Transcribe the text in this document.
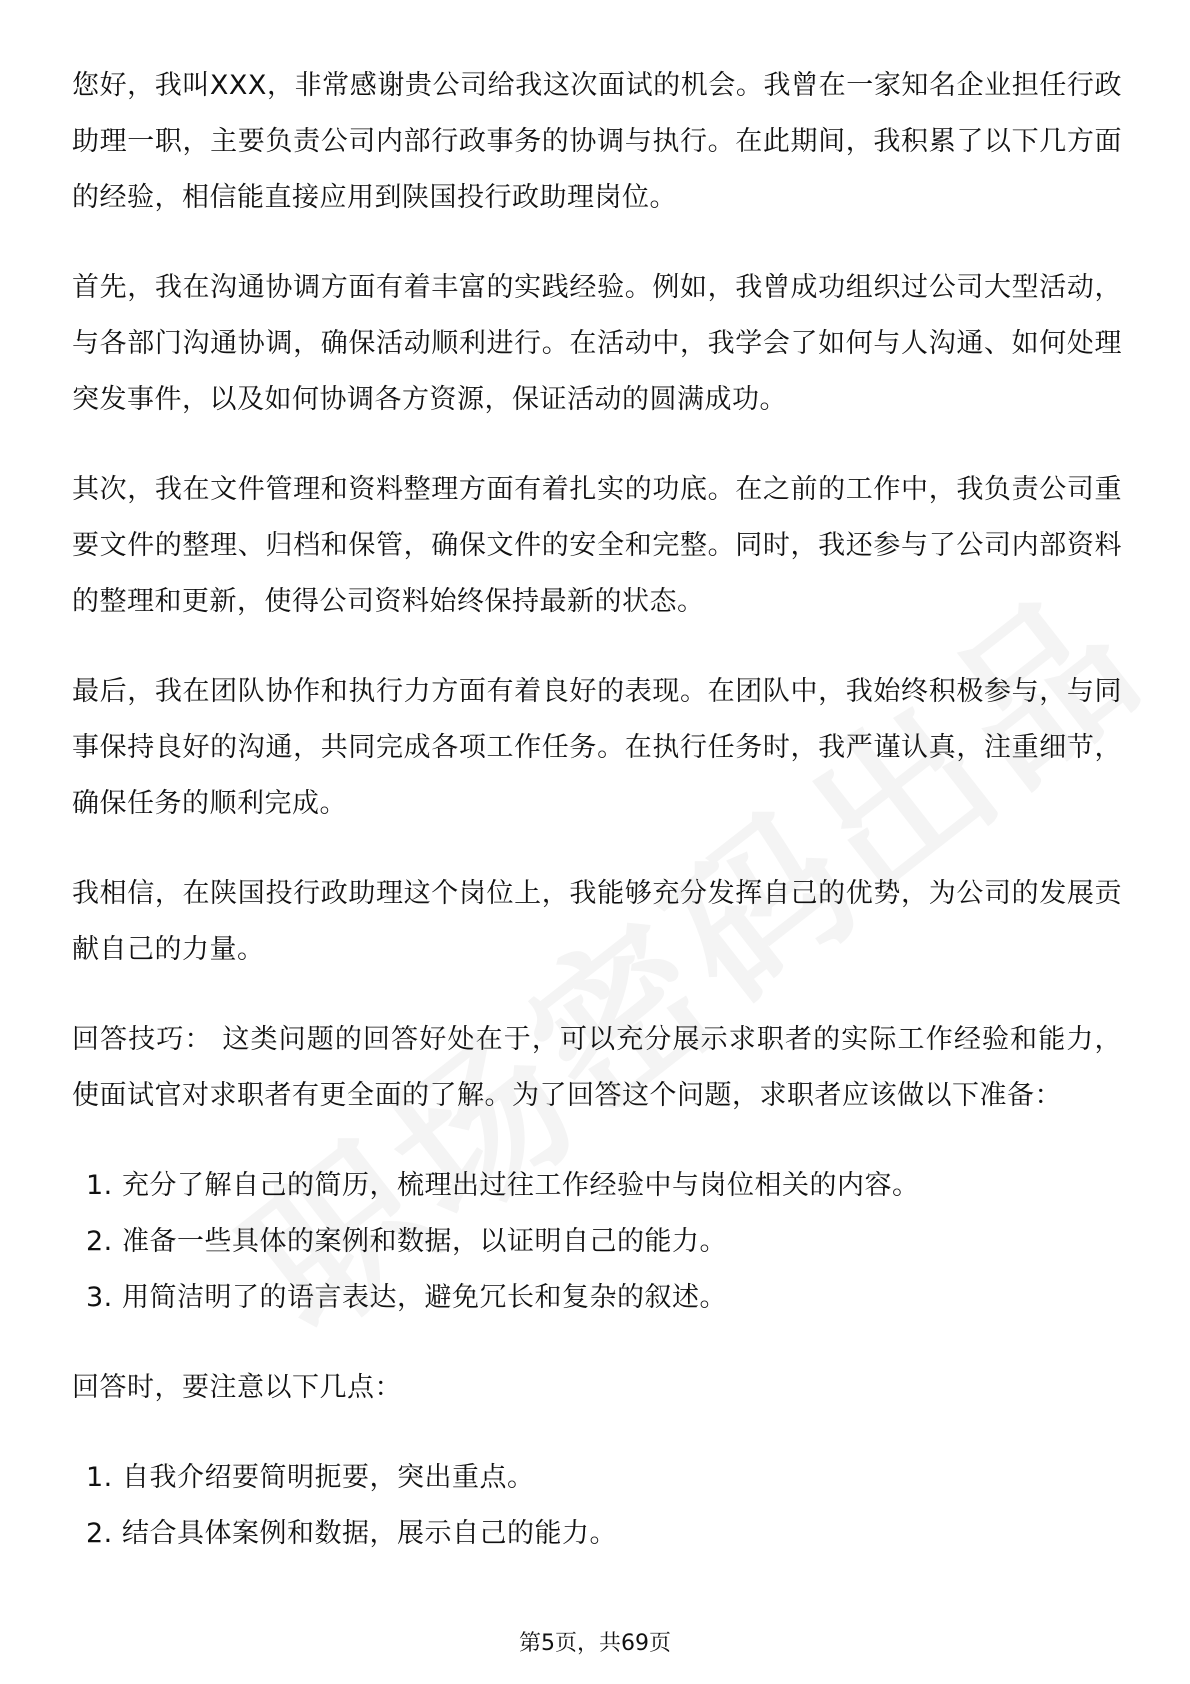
您好，我叫XXX，非常感谢贵公司给我这次面试的机会。我曾在一家知名企业担任行政助理一职，主要负责公司内部行政事务的协调与执行。在此期间，我积累了以下几方面的经验，相信能直接应用到陕国投行政助理岗位。

首先，我在沟通协调方面有着丰富的实践经验。例如，我曾成功组织过公司大型活动，与各部门沟通协调，确保活动顺利进行。在活动中，我学会了如何与人沟通、如何处理突发事件，以及如何协调各方资源，保证活动的圆满成功。

其次，我在文件管理和资料整理方面有着扎实的功底。在之前的工作中，我负责公司重要文件的整理、归档和保管，确保文件的安全和完整。同时，我还参与了公司内部资料的整理和更新，使得公司资料始终保持最新的状态。

最后，我在团队协作和执行力方面有着良好的表现。在团队中，我始终积极参与，与同事保持良好的沟通，共同完成各项工作任务。在执行任务时，我严谨认真，注重细节，确保任务的顺利完成。

我相信，在陕国投行政助理这个岗位上，我能够充分发挥自己的优势，为公司的发展贡献自己的力量。

回答技巧： 这类问题的回答好处在于，可以充分展示求职者的实际工作经验和能力，使面试官对求职者有更全面的了解。为了回答这个问题，求职者应该做以下准备：

1. 充分了解自己的简历，梳理出过往工作经验中与岗位相关的内容。
2. 准备一些具体的案例和数据，以证明自己的能力。
3. 用简洁明了的语言表达，避免冗长和复杂的叙述。

回答时，要注意以下几点：

1. 自我介绍要简明扼要，突出重点。
2. 结合具体案例和数据，展示自己的能力。
第5页，共69页
